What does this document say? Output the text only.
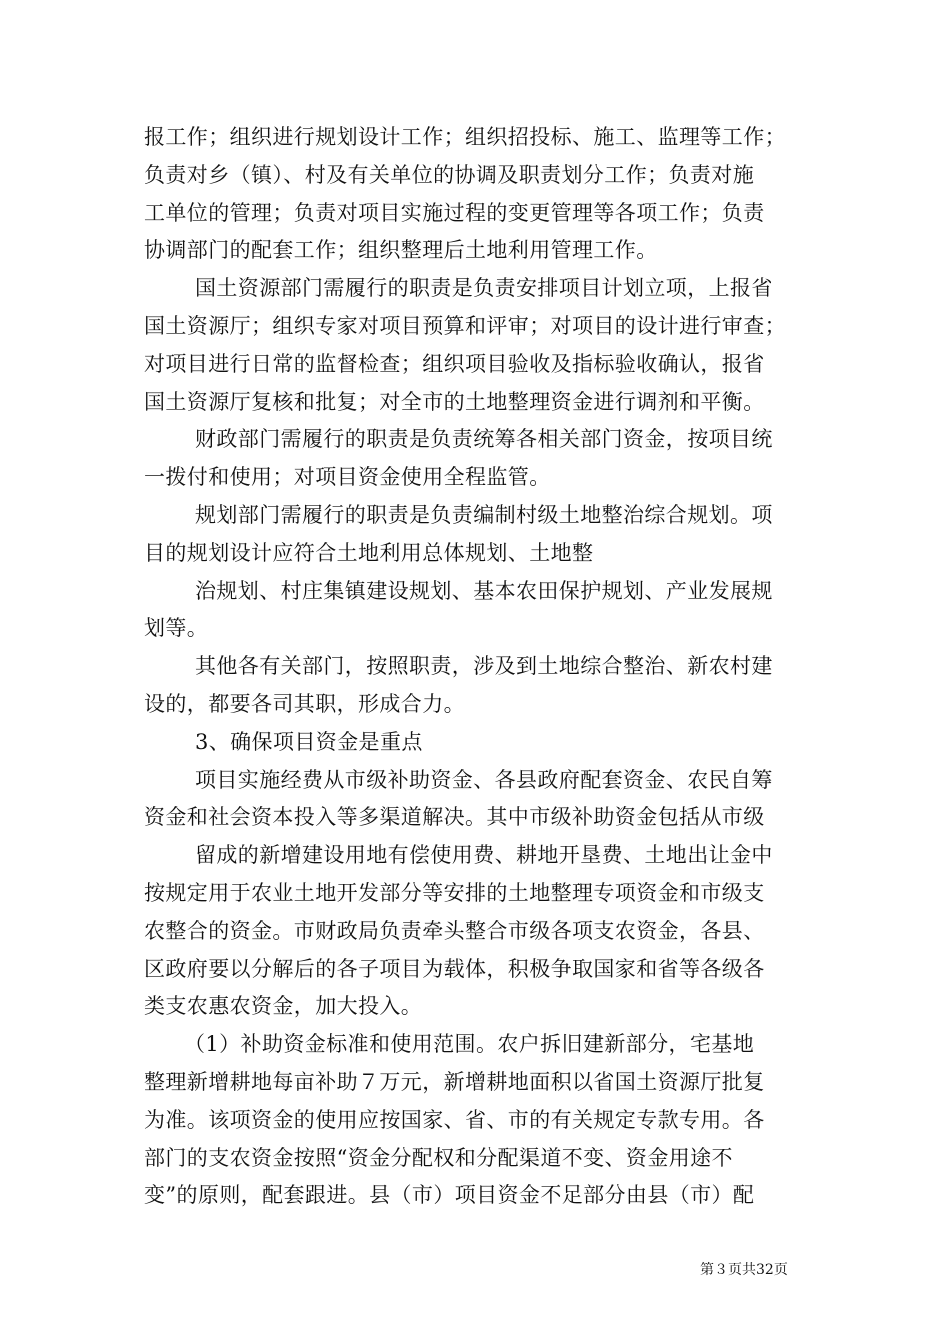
报工作；组织进行规划设计工作；组织招投标、施工、监理等工作；
负责对乡（镇）、村及有关单位的协调及职责划分工作；负责对施
工单位的管理；负责对项目实施过程的变更管理等各项工作；负责
协调部门的配套工作；组织整理后土地利用管理工作。
国土资源部门需履行的职责是负责安排项目计划立项，上报省
国土资源厅；组织专家对项目预算和评审；对项目的设计进行审查；
对项目进行日常的监督检查；组织项目验收及指标验收确认，报省
国土资源厅复核和批复；对全市的土地整理资金进行调剂和平衡。
财政部门需履行的职责是负责统筹各相关部门资金，按项目统
一拨付和使用；对项目资金使用全程监管。
规划部门需履行的职责是负责编制村级土地整治综合规划。项
目的规划设计应符合土地利用总体规划、土地整
治规划、村庄集镇建设规划、基本农田保护规划、产业发展规
划等。
其他各有关部门，按照职责，涉及到土地综合整治、新农村建
设的，都要各司其职，形成合力。
3、确保项目资金是重点
项目实施经费从市级补助资金、各县政府配套资金、农民自筹
资金和社会资本投入等多渠道解决。其中市级补助资金包括从市级
留成的新增建设用地有偿使用费、耕地开垦费、土地出让金中
按规定用于农业土地开发部分等安排的土地整理专项资金和市级支
农整合的资金。市财政局负责牵头整合市级各项支农资金，各县、
区政府要以分解后的各子项目为载体，积极争取国家和省等各级各
类支农惠农资金，加大投入。
（1）补助资金标准和使用范围。农户拆旧建新部分，宅基地
整理新增耕地每亩补助７万元，新增耕地面积以省国土资源厅批复
为准。该项资金的使用应按国家、省、市的有关规定专款专用。各
部门的支农资金按照“资金分配权和分配渠道不变、资金用途不
变”的原则，配套跟进。县（市）项目资金不足部分由县（市）配
第３页共32页
